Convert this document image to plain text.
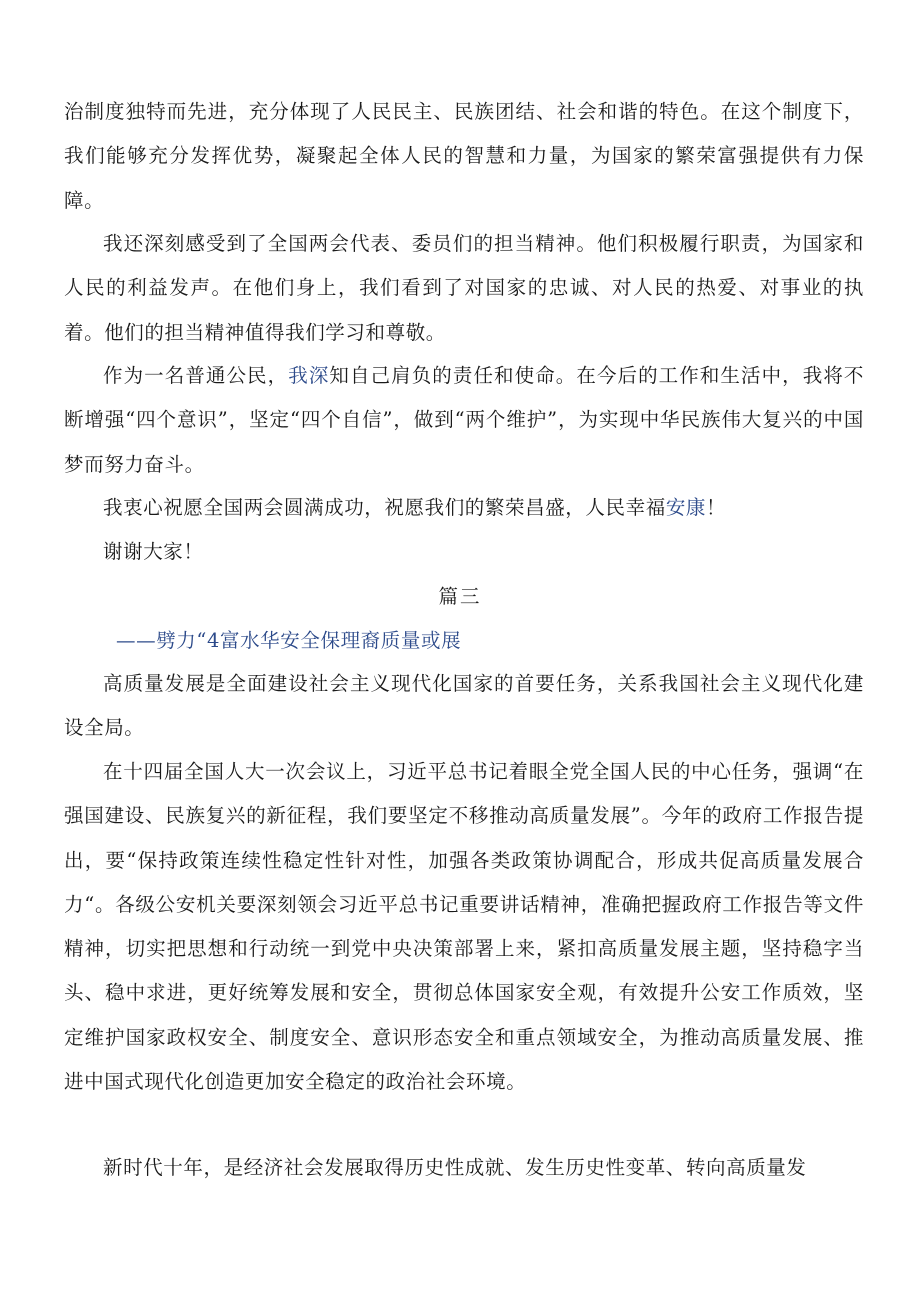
治制度独特而先进，充分体现了人民民主、民族团结、社会和谐的特色。在这个制度下，我们能够充分发挥优势，凝聚起全体人民的智慧和力量，为国家的繁荣富强提供有力保障。

我还深刻感受到了全国两会代表、委员们的担当精神。他们积极履行职责，为国家和人民的利益发声。在他们身上，我们看到了对国家的忠诚、对人民的热爱、对事业的执着。他们的担当精神值得我们学习和尊敬。

作为一名普通公民，我深知自己肩负的责任和使命。在今后的工作和生活中，我将不断增强“四个意识”，坚定“四个自信”，做到“两个维护”，为实现中华民族伟大复兴的中国梦而努力奋斗。

我衷心祝愿全国两会圆满成功，祝愿我们的繁荣昌盛，人民幸福安康！

谢谢大家！

篇三

——劈力“4富水华安全保理裔质量或展

高质量发展是全面建设社会主义现代化国家的首要任务，关系我国社会主义现代化建设全局。

在十四届全国人大一次会议上，习近平总书记着眼全党全国人民的中心任务，强调“在强国建设、民族复兴的新征程，我们要坚定不移推动高质量发展”。今年的政府工作报告提出，要“保持政策连续性稳定性针对性，加强各类政策协调配合，形成共促高质量发展合力“。各级公安机关要深刻领会习近平总书记重要讲话精神，准确把握政府工作报告等文件精神，切实把思想和行动统一到党中央决策部署上来，紧扣高质量发展主题，坚持稳字当头、稳中求进，更好统筹发展和安全，贯彻总体国家安全观，有效提升公安工作质效，坚定维护国家政权安全、制度安全、意识形态安全和重点领域安全，为推动高质量发展、推进中国式现代化创造更加安全稳定的政治社会环境。

新时代十年，是经济社会发展取得历史性成就、发生历史性变革、转向高质量发
